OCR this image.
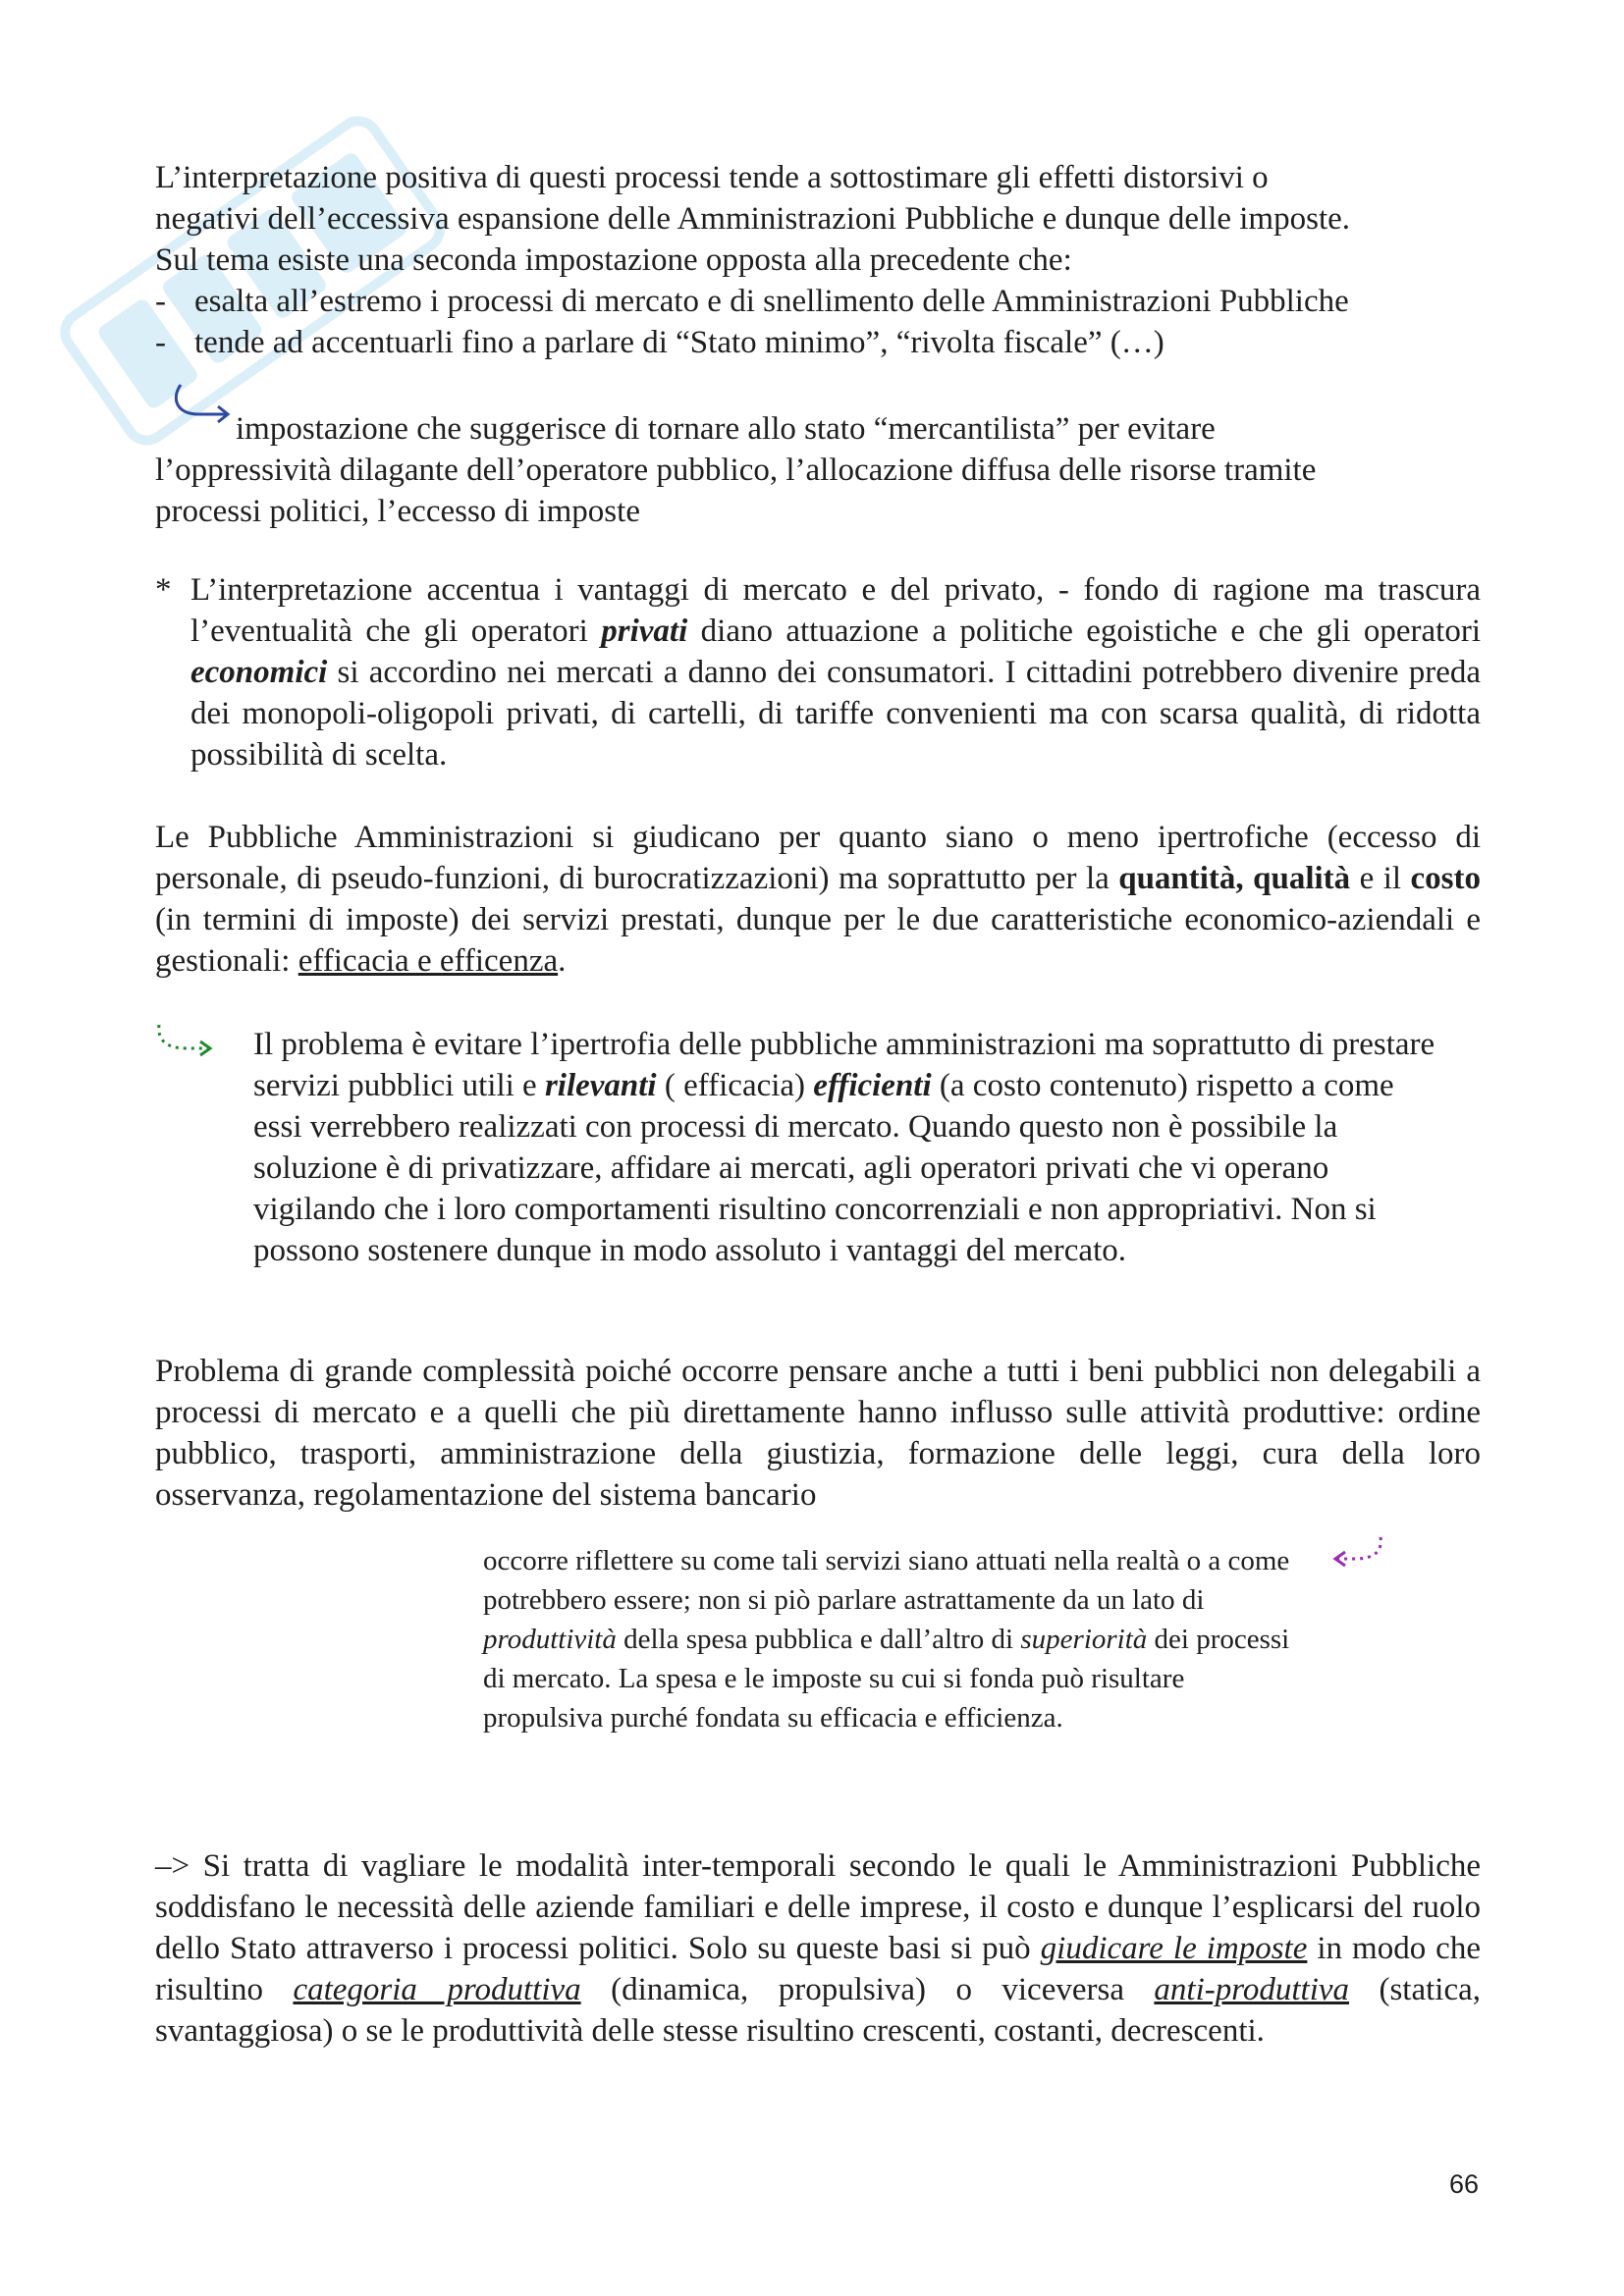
L’interpretazione positiva di questi processi tende a sottostimare gli effetti distorsivi o
negativi dell’eccessiva espansione delle Amministrazioni Pubbliche e dunque delle imposte.
Sul tema esiste una seconda impostazione opposta alla precedente che:
- esalta all’estremo i processi di mercato e di snellimento delle Amministrazioni Pubbliche
- tende ad accentuarli fino a parlare di “Stato minimo”, “rivolta fiscale” (…)
impostazione che suggerisce di tornare allo stato “mercantilista” per evitare
l’oppressività dilagante dell’operatore pubblico, l’allocazione diffusa delle risorse tramite
processi politici, l’eccesso di imposte
* L’interpretazione accentua i vantaggi di mercato e del privato, - fondo di ragione ma trascura l’eventualità che gli operatori privati diano attuazione a politiche egoistiche e che gli operatori economici si accordino nei mercati a danno dei consumatori. I cittadini potrebbero divenire preda dei monopoli-oligopoli privati, di cartelli, di tariffe convenienti ma con scarsa qualità, di ridotta possibilità di scelta.
Le Pubbliche Amministrazioni si giudicano per quanto siano o meno ipertrofiche (eccesso di personale, di pseudo-funzioni, di burocratizzazioni) ma soprattutto per la quantità, qualità e il costo (in termini di imposte) dei servizi prestati, dunque per le due caratteristiche economico-aziendali e gestionali: efficacia e efficenza.
Il problema è evitare l’ipertrofia delle pubbliche amministrazioni ma soprattutto di prestare servizi pubblici utili e rilevanti ( efficacia) efficienti (a costo contenuto) rispetto a come essi verrebbero realizzati con processi di mercato. Quando questo non è possibile la soluzione è di privatizzare, affidare ai mercati, agli operatori privati che vi operano vigilando che i loro comportamenti risultino concorrenziali e non appropriativi. Non si possono sostenere dunque in modo assoluto i vantaggi del mercato.
Problema di grande complessità poiché occorre pensare anche a tutti i beni pubblici non delegabili a processi di mercato e a quelli che più direttamente hanno influsso sulle attività produttive: ordine pubblico, trasporti, amministrazione della giustizia, formazione delle leggi, cura della loro osservanza, regolamentazione del sistema bancario
occorre riflettere su come tali servizi siano attuati nella realtà o a come potrebbero essere; non si piò parlare astrattamente da un lato di produttività della spesa pubblica e dall’altro di superiorità dei processi di mercato. La spesa e le imposte su cui si fonda può risultare propulsiva purché fondata su efficacia e efficienza.
–> Si tratta di vagliare le modalità inter-temporali secondo le quali le Amministrazioni Pubbliche soddisfano le necessità delle aziende familiari e delle imprese, il costo e dunque l’esplicarsi del ruolo dello Stato attraverso i processi politici. Solo su queste basi si può giudicare le imposte in modo che risultino categoria produttiva (dinamica, propulsiva) o viceversa anti-produttiva (statica, svantaggiosa) o se le produttività delle stesse risultino crescenti, costanti, decrescenti.
66
